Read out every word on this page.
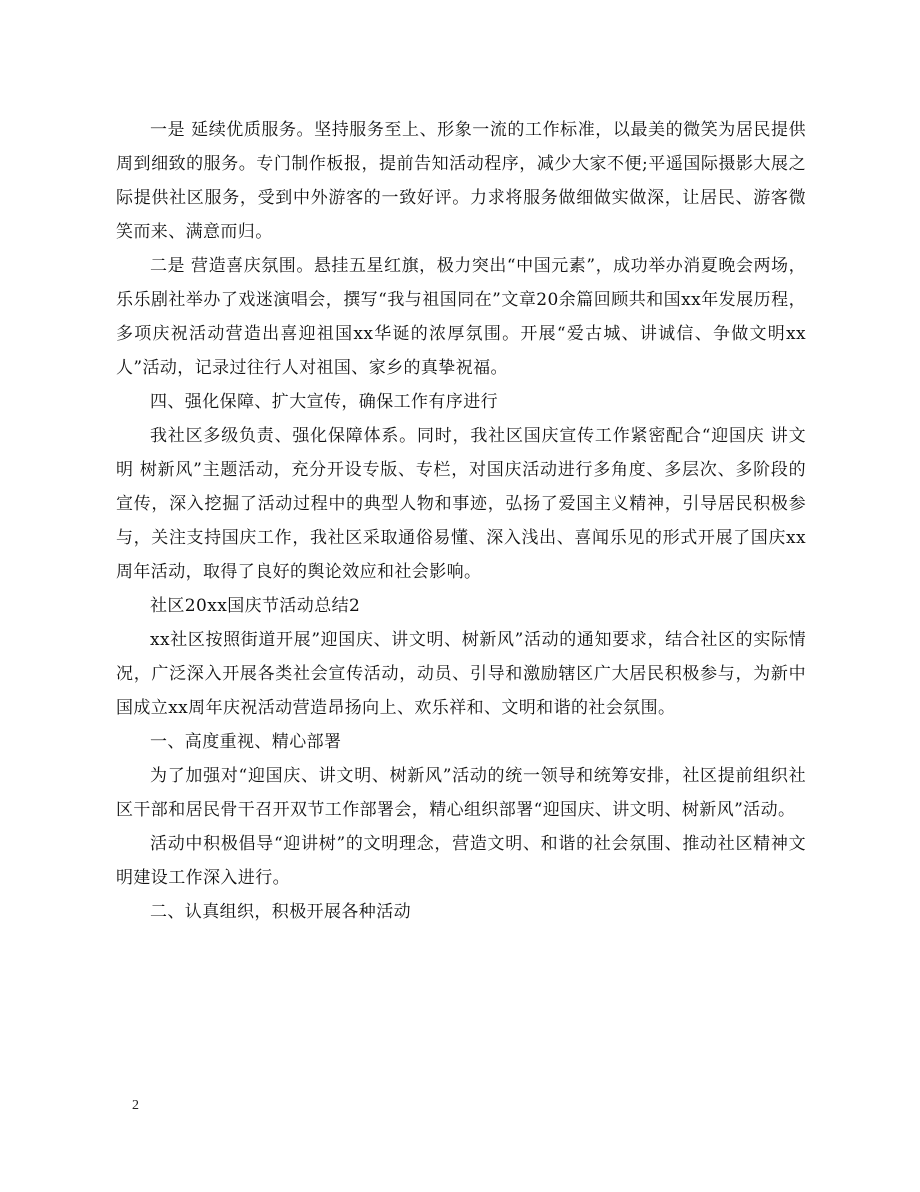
一是 延续优质服务。坚持服务至上、形象一流的工作标准，以最美的微笑为居民提供周到细致的服务。专门制作板报，提前告知活动程序，减少大家不便;平遥国际摄影大展之际提供社区服务，受到中外游客的一致好评。力求将服务做细做实做深，让居民、游客微笑而来、满意而归。

二是 营造喜庆氛围。悬挂五星红旗，极力突出“中国元素”，成功举办消夏晚会两场，乐乐剧社举办了戏迷演唱会，撰写“我与祖国同在”文章20余篇回顾共和国xx年发展历程，多项庆祝活动营造出喜迎祖国xx华诞的浓厚氛围。开展“爱古城、讲诚信、争做文明xx人”活动，记录过往行人对祖国、家乡的真挚祝福。

四、强化保障、扩大宣传，确保工作有序进行

我社区多级负责、强化保障体系。同时，我社区国庆宣传工作紧密配合“迎国庆 讲文明 树新风”主题活动，充分开设专版、专栏，对国庆活动进行多角度、多层次、多阶段的宣传，深入挖掘了活动过程中的典型人物和事迹，弘扬了爱国主义精神，引导居民积极参与，关注支持国庆工作，我社区采取通俗易懂、深入浅出、喜闻乐见的形式开展了国庆xx周年活动，取得了良好的舆论效应和社会影响。

社区20xx国庆节活动总结2

xx社区按照街道开展”迎国庆、讲文明、树新风”活动的通知要求，结合社区的实际情况，广泛深入开展各类社会宣传活动，动员、引导和激励辖区广大居民积极参与，为新中国成立xx周年庆祝活动营造昂扬向上、欢乐祥和、文明和谐的社会氛围。

一、高度重视、精心部署

为了加强对“迎国庆、讲文明、树新风”活动的统一领导和统筹安排，社区提前组织社区干部和居民骨干召开双节工作部署会，精心组织部署“迎国庆、讲文明、树新风”活动。

活动中积极倡导“迎讲树”的文明理念，营造文明、和谐的社会氛围、推动社区精神文明建设工作深入进行。

二、认真组织，积极开展各种活动

2
